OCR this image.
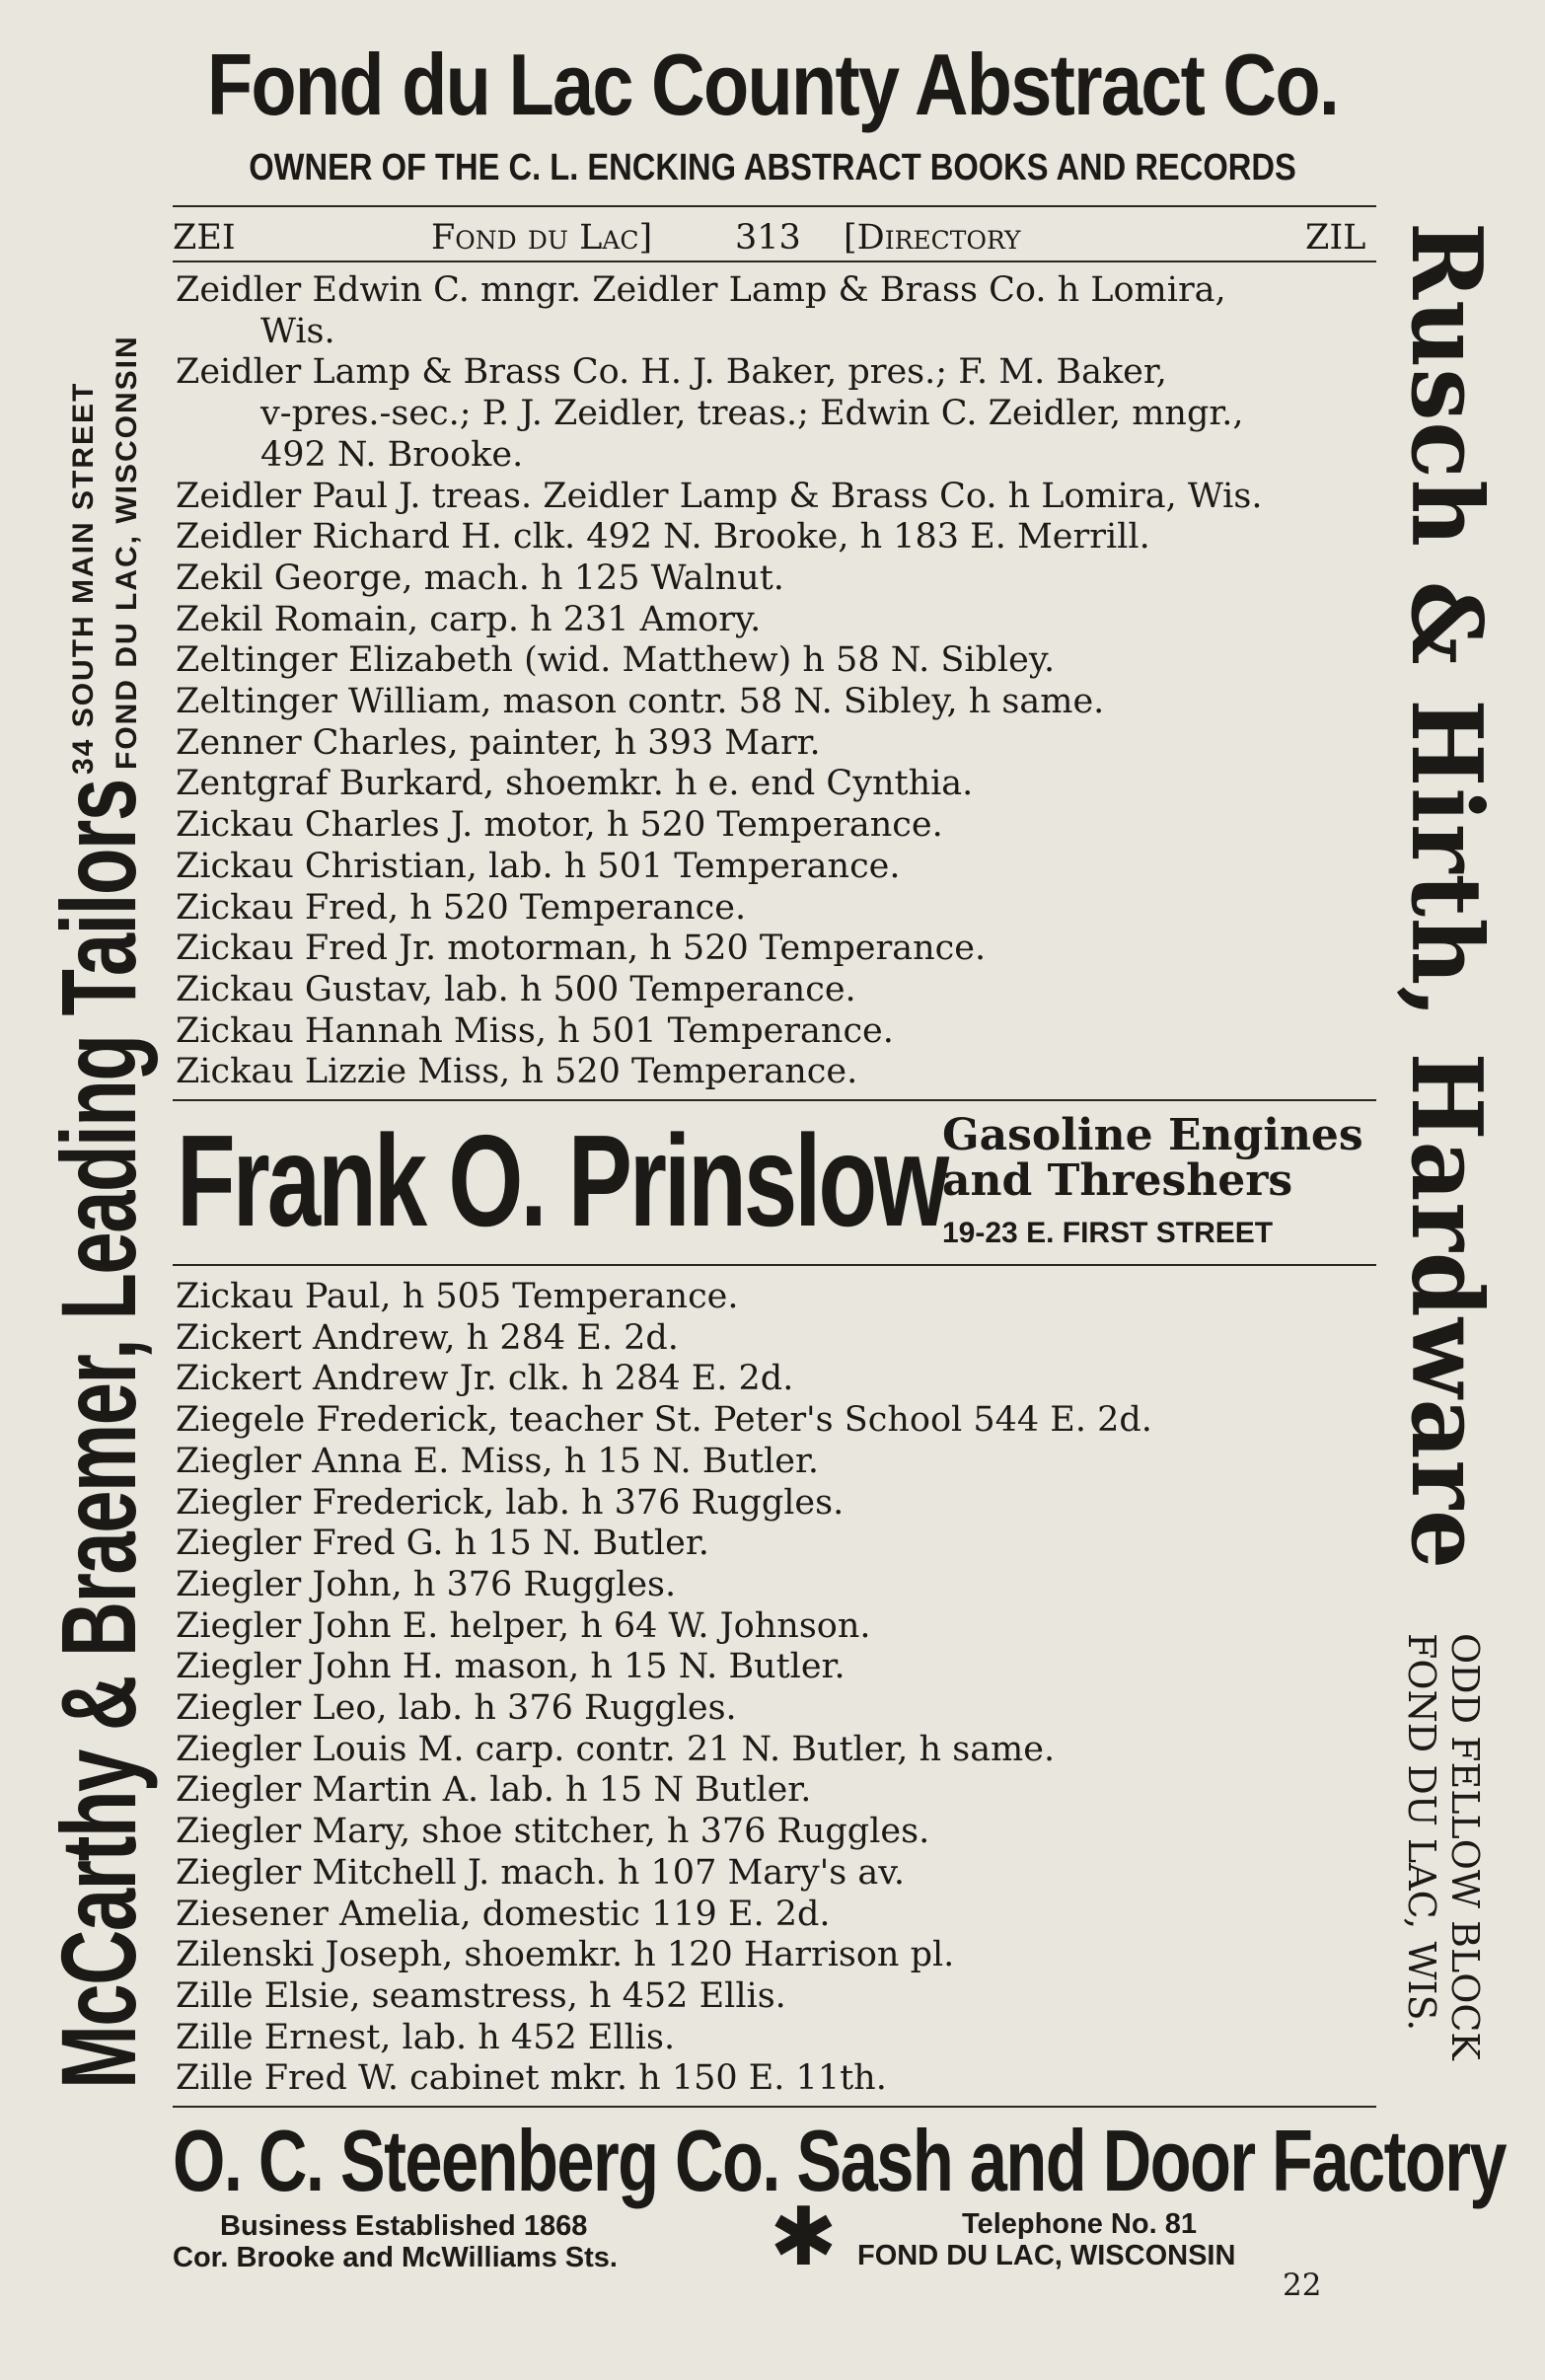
Fond du Lac County Abstract Co.
OWNER OF THE C. L. ENCKING ABSTRACT BOOKS AND RECORDS
ZEI	Fond du Lac] 313 [Directory	ZIL
Zeidler Edwin C. mngr. Zeidler Lamp & Brass Co. h Lomira,
Wis.
Zeidler Lamp & Brass Co. H. J. Baker, pres.; F. M. Baker,
v-pres.-sec.; P. J. Zeidler, treas.; Edwin C. Zeidler, mngr.,
492 N. Brooke.
Zeidler Paul J. treas. Zeidler Lamp & Brass Co. h Lomira, Wis.
Zeidler Richard H. clk. 492 N. Brooke, h 183 E. Merrill.
Zekil George, mach. h 125 Walnut.
Zekil Romain, carp. h 231 Amory.
Zeltinger Elizabeth (wid. Matthew) h 58 N. Sibley.
Zeltinger William, mason contr. 58 N. Sibley, h same.
Zenner Charles, painter, h 393 Marr.
Zentgraf Burkard, shoemkr. h e. end Cynthia.
Zickau Charles J. motor, h 520 Temperance.
Zickau Christian, lab. h 501 Temperance.
Zickau Fred, h 520 Temperance.
Zickau Fred Jr. motorman, h 520 Temperance.
Zickau Gustav, lab. h 500 Temperance.
Zickau Hannah Miss, h 501 Temperance.
Zickau Lizzie Miss, h 520 Temperance.
Frank O. Prinslow
Gasoline Engines
and Threshers
19-23 E. FIRST STREET
Zickau Paul, h 505 Temperance.
Zickert Andrew, h 284 E. 2d.
Zickert Andrew Jr. clk. h 284 E. 2d.
Ziegele Frederick, teacher St. Peter's School 544 E. 2d.
Ziegler Anna E. Miss, h 15 N. Butler.
Ziegler Frederick, lab. h 376 Ruggles.
Ziegler Fred G. h 15 N. Butler.
Ziegler John, h 376 Ruggles.
Ziegler John E. helper, h 64 W. Johnson.
Ziegler John H. mason, h 15 N. Butler.
Ziegler Leo, lab. h 376 Ruggles.
Ziegler Louis M. carp. contr. 21 N. Butler, h same.
Ziegler Martin A. lab. h 15 N Butler.
Ziegler Mary, shoe stitcher, h 376 Ruggles.
Ziegler Mitchell J. mach. h 107 Mary's av.
Ziesener Amelia, domestic 119 E. 2d.
Zilenski Joseph, shoemkr. h 120 Harrison pl.
Zille Elsie, seamstress, h 452 Ellis.
Zille Ernest, lab. h 452 Ellis.
Zille Fred W. cabinet mkr. h 150 E. 11th.
O. C. Steenberg Co. Sash and Door Factory
Business Established 1868
Cor. Brooke and McWilliams Sts. ✱	Telephone No. 81
FOND DU LAC, WISCONSIN
22
McCarthy & Braemer, Leading Tailors
34 SOUTH MAIN STREET FOND DU LAC, WISCONSIN	Rusch & Hirth, Hardware
ODD FELLOW BLOCK
FOND DU LAC, WIS.
